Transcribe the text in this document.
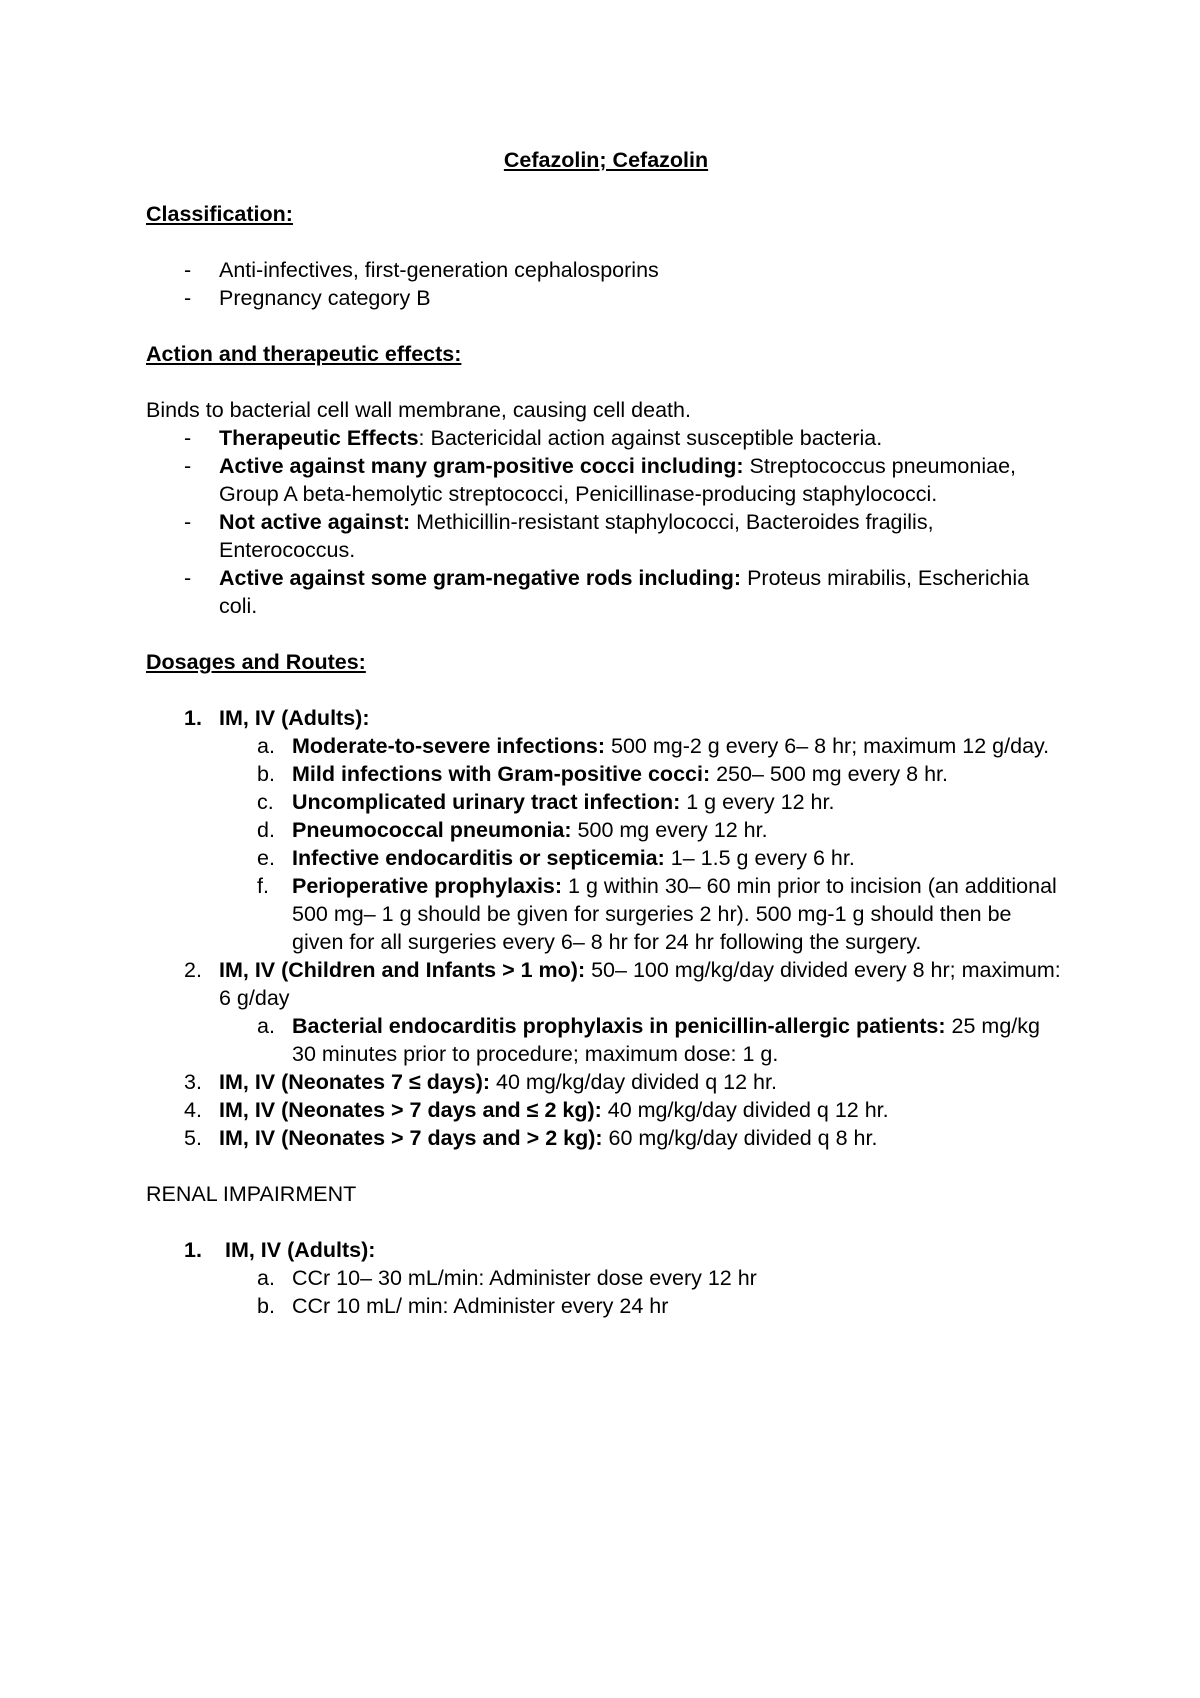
Cefazolin; Cefazolin

Classification:

- Anti-infectives, first-generation cephalosporins
- Pregnancy category B

Action and therapeutic effects:

Binds to bacterial cell wall membrane, causing cell death.

- Therapeutic Effects: Bactericidal action against susceptible bacteria.
- Active against many gram-positive cocci including: Streptococcus pneumoniae, Group A beta-hemolytic streptococci, Penicillinase-producing staphylococci.
- Not active against: Methicillin-resistant staphylococci, Bacteroides fragilis, Enterococcus.
- Active against some gram-negative rods including: Proteus mirabilis, Escherichia coli.

Dosages and Routes:

1. IM, IV (Adults):
a. Moderate-to-severe infections: 500 mg-2 g every 6– 8 hr; maximum 12 g/day.
b. Mild infections with Gram-positive cocci: 250– 500 mg every 8 hr.
c. Uncomplicated urinary tract infection: 1 g every 12 hr.
d. Pneumococcal pneumonia: 500 mg every 12 hr.
e. Infective endocarditis or septicemia: 1– 1.5 g every 6 hr.
f. Perioperative prophylaxis: 1 g within 30– 60 min prior to incision (an additional 500 mg– 1 g should be given for surgeries 2 hr). 500 mg-1 g should then be given for all surgeries every 6– 8 hr for 24 hr following the surgery.
2. IM, IV (Children and Infants > 1 mo): 50– 100 mg/kg/day divided every 8 hr; maximum: 6 g/day
a. Bacterial endocarditis prophylaxis in penicillin-allergic patients: 25 mg/kg 30 minutes prior to procedure; maximum dose: 1 g.
3. IM, IV (Neonates 7 ≤ days): 40 mg/kg/day divided q 12 hr.
4. IM, IV (Neonates > 7 days and ≤ 2 kg): 40 mg/kg/day divided q 12 hr.
5. IM, IV (Neonates > 7 days and > 2 kg): 60 mg/kg/day divided q 8 hr.

RENAL IMPAIRMENT

1. IM, IV (Adults):
a. CCr 10– 30 mL/min: Administer dose every 12 hr
b. CCr 10 mL/ min: Administer every 24 hr
